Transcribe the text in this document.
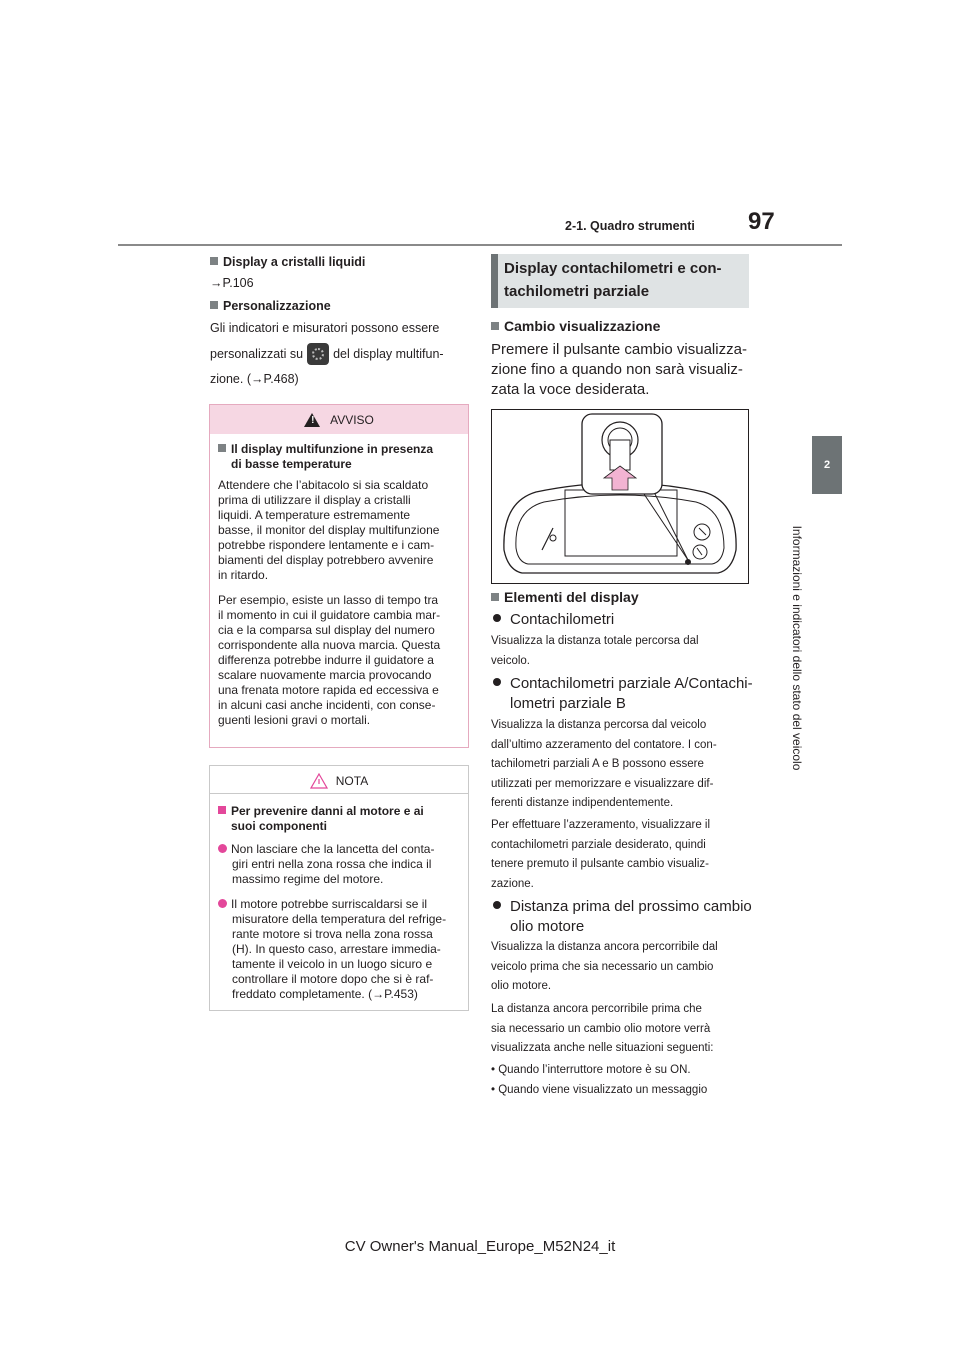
97
2-1. Quadro strumenti
2
Informazioni e indicatori dello stato del veicolo
Display a cristalli liquidi
→P.106
Personalizzazione
Gli indicatori e misuratori possono essere
personalizzati su del display multifun-
zione. (→P.468)
! AVVISO
Il display multifunzione in presenza
di basse temperature
Attendere che l’abitacolo si sia scaldato
prima di utilizzare il display a cristalli
liquidi. A temperature estremamente
basse, il monitor del display multifunzione
potrebbe rispondere lentamente e i cam-
biamenti del display potrebbero avvenire
in ritardo.
Per esempio, esiste un lasso di tempo tra
il momento in cui il guidatore cambia mar-
cia e la comparsa sul display del numero
corrispondente alla nuova marcia. Questa
differenza potrebbe indurre il guidatore a
scalare nuovamente marcia provocando
una frenata motore rapida ed eccessiva e
in alcuni casi anche incidenti, con conse-
guenti lesioni gravi o mortali.
NOTA
Per prevenire danni al motore e ai
suoi componenti
Non lasciare che la lancetta del conta-
giri entri nella zona rossa che indica il
massimo regime del motore.
Il motore potrebbe surriscaldarsi se il
misuratore della temperatura del refrige-
rante motore si trova nella zona rossa
(H). In questo caso, arrestare immedia-
tamente il veicolo in un luogo sicuro e
controllare il motore dopo che si è raf-
freddato completamente. (→P.453)
Display contachilometri e con-
tachilometri parziale
Cambio visualizzazione
Premere il pulsante cambio visualizza-
zione fino a quando non sarà visualiz-
zata la voce desiderata.
Elementi del display
Contachilometri
Visualizza la distanza totale percorsa dal
veicolo.
Contachilometri parziale A/Contachi-
lometri parziale B
Visualizza la distanza percorsa dal veicolo
dall’ultimo azzeramento del contatore. I con-
tachilometri parziali A e B possono essere
utilizzati per memorizzare e visualizzare dif-
ferenti distanze indipendentemente.
Per effettuare l’azzeramento, visualizzare il
contachilometri parziale desiderato, quindi
tenere premuto il pulsante cambio visualiz-
zazione.
Distanza prima del prossimo cambio
olio motore
Visualizza la distanza ancora percorribile dal
veicolo prima che sia necessario un cambio
olio motore.
La distanza ancora percorribile prima che
sia necessario un cambio olio motore verrà
visualizzata anche nelle situazioni seguenti:
• Quando l’interruttore motore è su ON.
• Quando viene visualizzato un messaggio
CV Owner's Manual_Europe_M52N24_it
